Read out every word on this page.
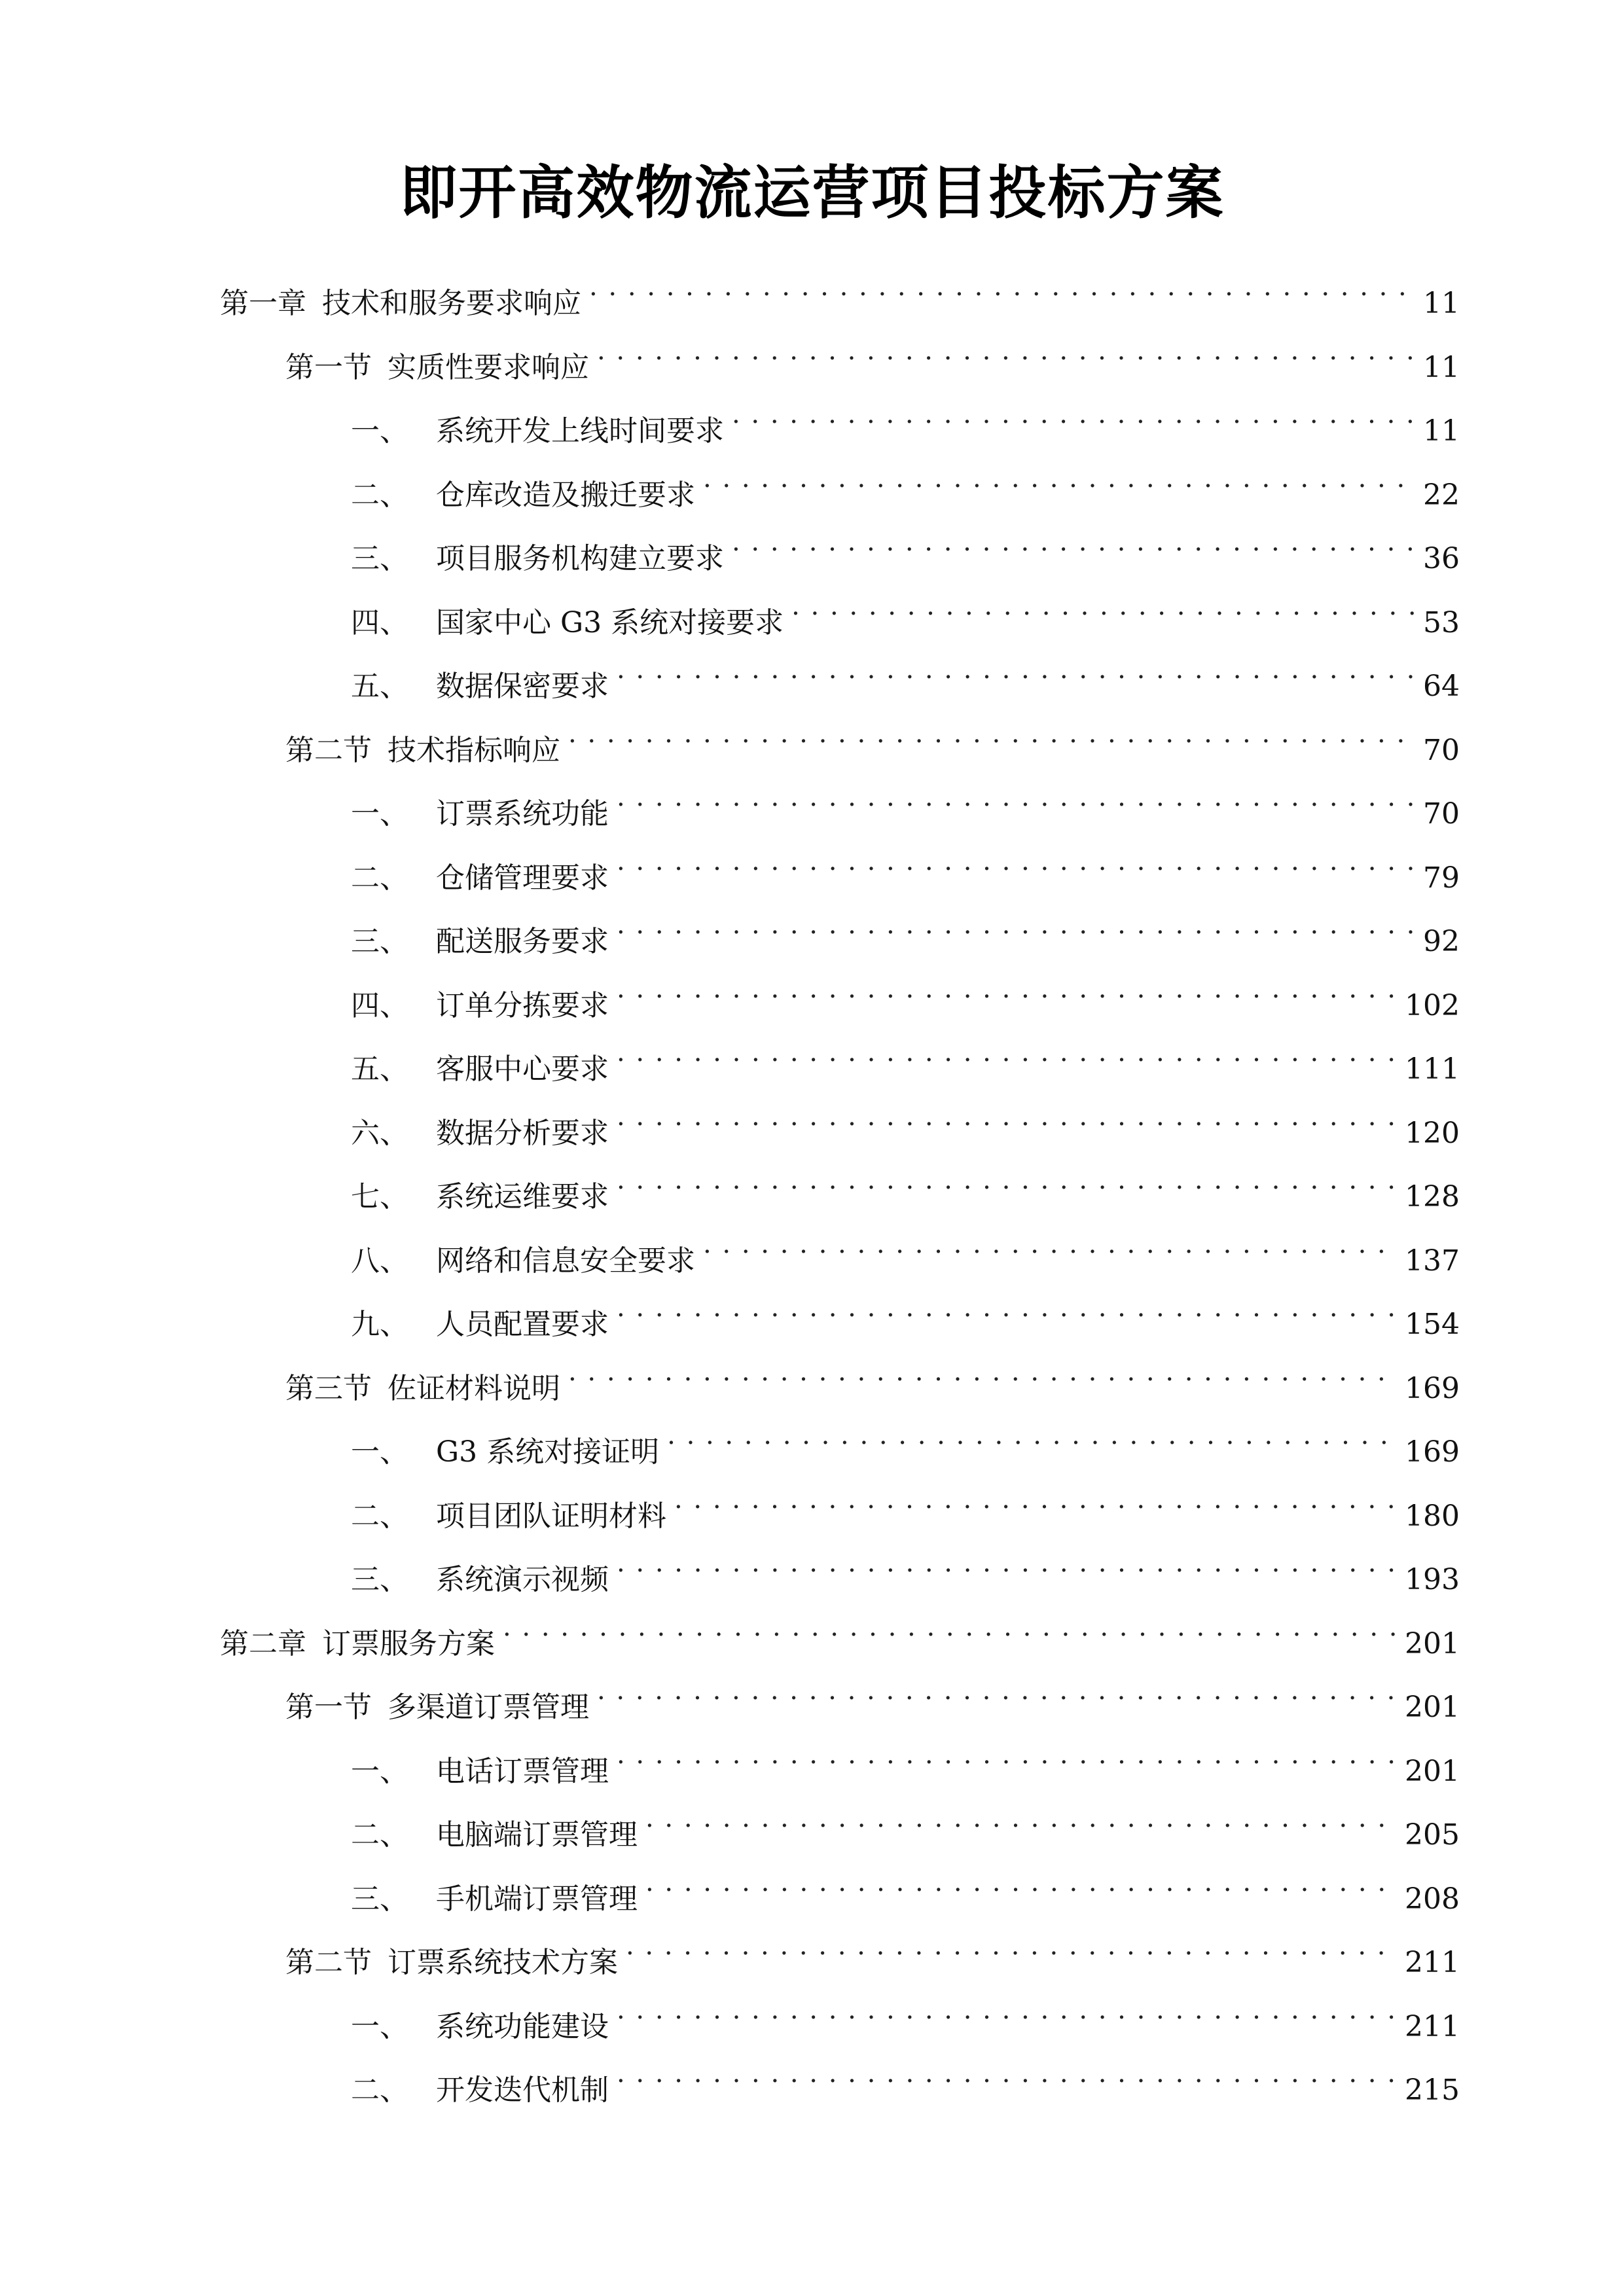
即开高效物流运营项目投标方案
第一章 技术和服务要求响应 . . .	11
第一节 实质性要求响应 . . .	11
一、 系统开发上线时间要求 . . .	11
二、 仓库改造及搬迁要求 . . .	22
三、 项目服务机构建立要求 . . .	36
四、 国家中心 G3 系统对接要求 . . .	53
五、 数据保密要求 . . .	64
第二节 技术指标响应 . . .	70
一、 订票系统功能 . . .	70
二、 仓储管理要求 . . .	79
三、 配送服务要求 . . .	92
四、 订单分拣要求 . . .	102
五、 客服中心要求 . . .	111
六、 数据分析要求 . . .	120
七、 系统运维要求 . . .	128
八、 网络和信息安全要求 . . .	137
九、 人员配置要求 . . .	154
第三节 佐证材料说明 . . .	169
一、 G3 系统对接证明 . . .	169
二、 项目团队证明材料 . . .	180
三、 系统演示视频 . . .	193
第二章 订票服务方案 . . .	201
第一节 多渠道订票管理 . . .	201
一、 电话订票管理 . . .	201
二、 电脑端订票管理 . . .	205
三、 手机端订票管理 . . .	208
第二节 订票系统技术方案 . . .	211
一、 系统功能建设 . . .	211
二、 开发迭代机制 . . .	215
